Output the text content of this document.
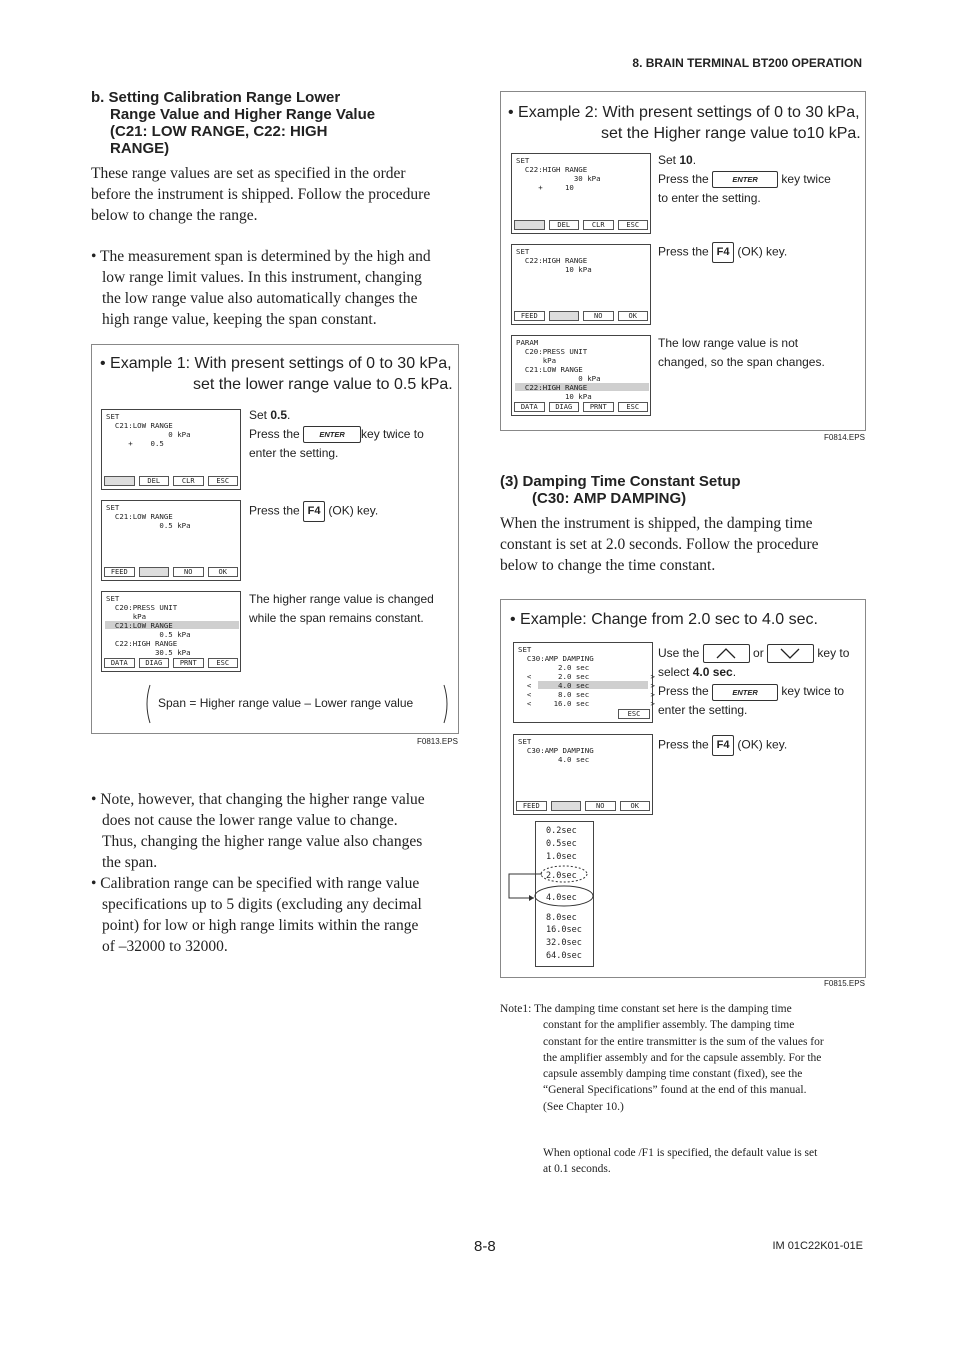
8. BRAIN TERMINAL BT200 OPERATION
b. Setting Calibration Range Lower
Range Value and Higher Range Value
(C21: LOW RANGE, C22: HIGH
RANGE)
These range values are set as specified in the order
before the instrument is shipped. Follow the procedure
below to change the range.
• The measurement span is determined by the high and
low range limit values. In this instrument, changing
the low range value also automatically changes the
high range value, keeping the span constant.
• Example 1: With present settings of 0 to 30 kPa,
set the lower range value to 0.5 kPa.
SET
C21:LOW RANGE
0 kPa
+    0.5
DEL	CLR	ESC
Set 0.5.
Press the	ENTER key twice to
enter the setting.
SET
C21:LOW RANGE
0.5 kPa
FEED	NO	OK
Press the F4 (OK) key.
SET
C20:PRESS UNIT
kPa
C21:LOW RANGE
0.5 kPa
C22:HIGH RANGE
30.5 kPa
DATA	DIAG	PRNT	ESC
The higher range value is changed
while the span remains constant.
Span = Higher range value – Lower range value
F0813.EPS
• Note, however, that changing the higher range value
does not cause the lower range value to change.
Thus, changing the higher range value also changes
the span.
• Calibration range can be specified with range value
specifications up to 5 digits (excluding any decimal
point) for low or high range limits within the range
of –32000 to 32000.
• Example 2: With present settings of 0 to 30 kPa,
set the Higher range value to10 kPa.
SET
C22:HIGH RANGE
30 kPa
+     10
DEL	CLR	ESC
Set 10.
Press the	ENTER key twice
to enter the setting.
SET
C22:HIGH RANGE
10 kPa
FEED	NO	OK
Press the F4 (OK) key.
PARAM
C20:PRESS UNIT
kPa
C21:LOW RANGE
0 kPa
C22:HIGH RANGE
10 kPa
DATA	DIAG	PRNT	ESC
The low range value is not
changed, so the span changes.
F0814.EPS
(3) Damping Time Constant Setup
(C30: AMP DAMPING)
When the instrument is shipped, the damping time
constant is set at 2.0 seconds. Follow the procedure
below to change the time constant.
• Example: Change from 2.0 sec to 4.0 sec.
SET
C30:AMP DAMPING
2.0 sec
<      2.0 sec
<      4.0 sec
<      8.0 sec
<     16.0 sec
>
>
>
>
ESC
Use the	or	key to
select 4.0 sec.
Press the	ENTER key twice to
enter the setting.
SET
C30:AMP DAMPING
4.0 sec
FEED	NO	OK
Press the F4 (OK) key.
0.2sec
0.5sec
1.0sec
2.0sec
4.0sec
8.0sec
16.0sec
32.0sec
64.0sec
F0815.EPS
Note1: The damping time constant set here is the damping time
constant for the amplifier assembly. The damping time
constant for the entire transmitter is the sum of the values for
the amplifier assembly and for the capsule assembly. For the
capsule assembly damping time constant (fixed), see the
“General Specifications” found at the end of this manual.
(See Chapter 10.)
When optional code /F1 is specified, the default value is set
at 0.1 seconds.
8-8	IM 01C22K01-01E
